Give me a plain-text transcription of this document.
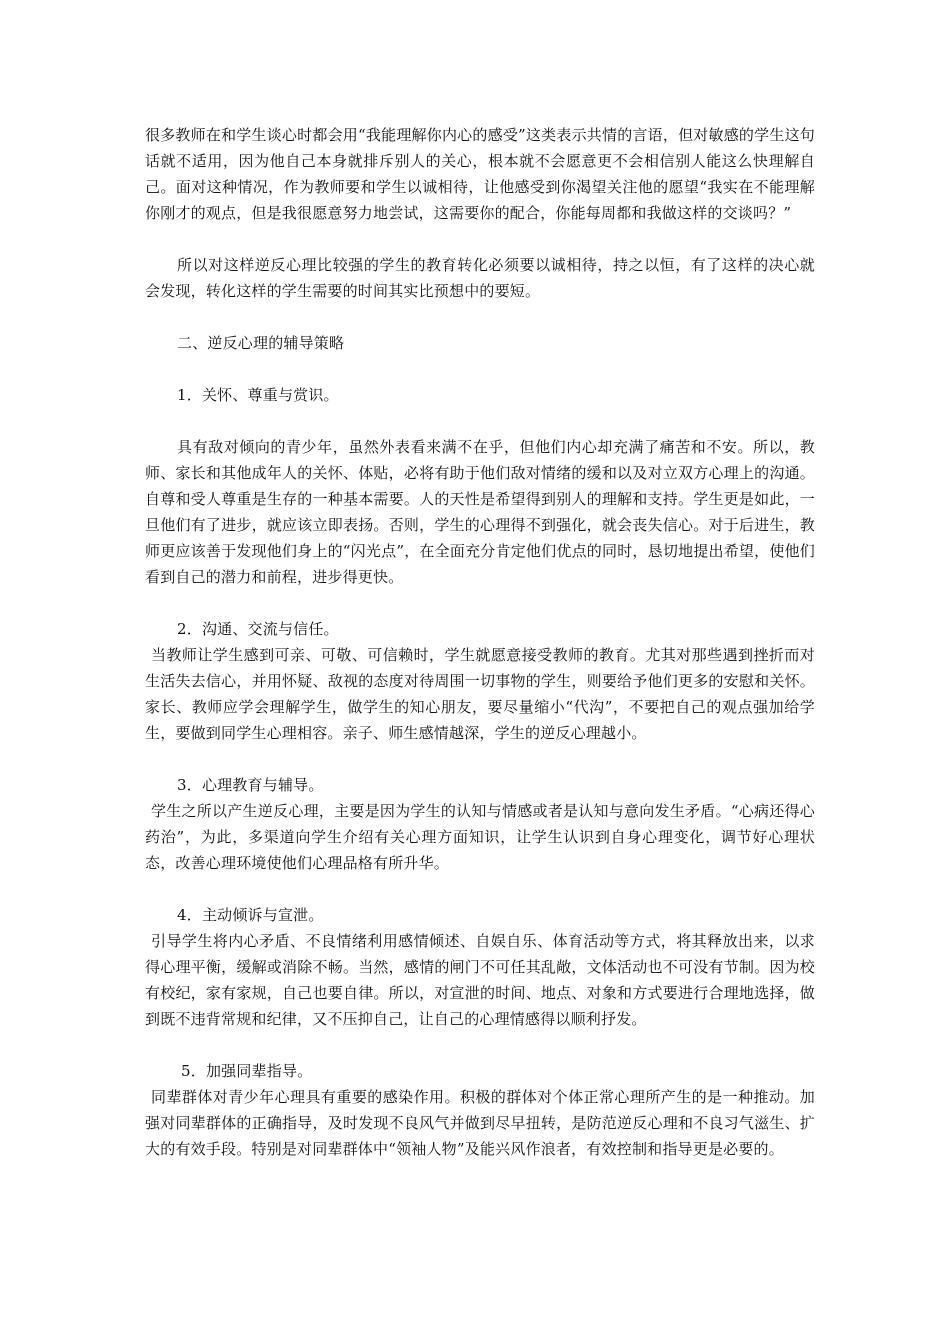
很多教师在和学生谈心时都会用“我能理解你内心的感受”这类表示共情的言语，但对敏感的学生这句话就不适用，因为他自己本身就排斥别人的关心，根本就不会愿意更不会相信别人能这么快理解自己。面对这种情况，作为教师要和学生以诚相待，让他感受到你渴望关注他的愿望“我实在不能理解你刚才的观点，但是我很愿意努力地尝试，这需要你的配合，你能每周都和我做这样的交谈吗？”

所以对这样逆反心理比较强的学生的教育转化必须要以诚相待，持之以恒，有了这样的决心就会发现，转化这样的学生需要的时间其实比预想中的要短。

二、逆反心理的辅导策略

1．关怀、尊重与赏识。

具有敌对倾向的青少年，虽然外表看来满不在乎，但他们内心却充满了痛苦和不安。所以，教师、家长和其他成年人的关怀、体贴，必将有助于他们敌对情绪的缓和以及对立双方心理上的沟通。自尊和受人尊重是生存的一种基本需要。人的天性是希望得到别人的理解和支持。学生更是如此，一旦他们有了进步，就应该立即表扬。否则，学生的心理得不到强化，就会丧失信心。对于后进生，教师更应该善于发现他们身上的“闪光点”，在全面充分肯定他们优点的同时，恳切地提出希望，使他们看到自己的潜力和前程，进步得更快。

2．沟通、交流与信任。

当教师让学生感到可亲、可敬、可信赖时，学生就愿意接受教师的教育。尤其对那些遇到挫折而对生活失去信心，并用怀疑、敌视的态度对待周围一切事物的学生，则要给予他们更多的安慰和关怀。家长、教师应学会理解学生，做学生的知心朋友，要尽量缩小“代沟”，不要把自己的观点强加给学生，要做到同学生心理相容。亲子、师生感情越深，学生的逆反心理越小。

3．心理教育与辅导。

学生之所以产生逆反心理，主要是因为学生的认知与情感或者是认知与意向发生矛盾。“心病还得心药治”，为此，多渠道向学生介绍有关心理方面知识，让学生认识到自身心理变化，调节好心理状态，改善心理环境使他们心理品格有所升华。

4．主动倾诉与宣泄。

引导学生将内心矛盾、不良情绪利用感情倾述、自娱自乐、体育活动等方式，将其释放出来，以求得心理平衡，缓解或消除不畅。当然，感情的闸门不可任其乱敞，文体活动也不可没有节制。因为校有校纪，家有家规，自己也要自律。所以，对宣泄的时间、地点、对象和方式要进行合理地选择，做到既不违背常规和纪律，又不压抑自己，让自己的心理情感得以顺利抒发。

5．加强同辈指导。

同辈群体对青少年心理具有重要的感染作用。积极的群体对个体正常心理所产生的是一种推动。加强对同辈群体的正确指导，及时发现不良风气并做到尽早扭转，是防范逆反心理和不良习气滋生、扩大的有效手段。特别是对同辈群体中“领袖人物”及能兴风作浪者，有效控制和指导更是必要的。
